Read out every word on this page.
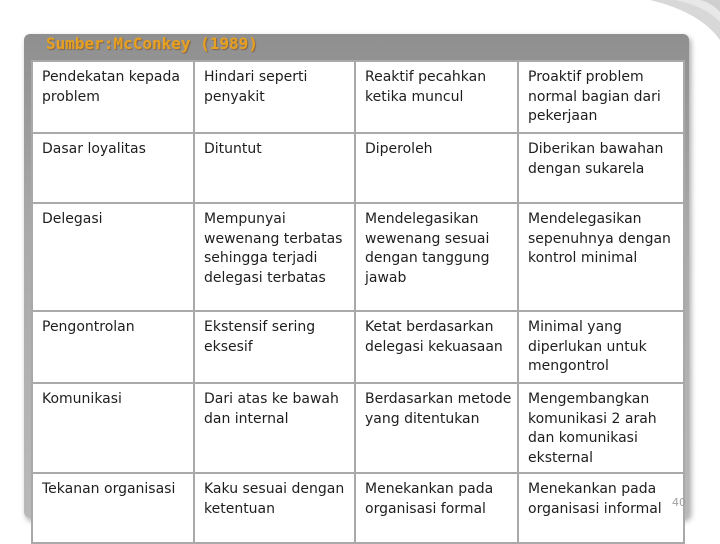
Sumber:McConkey (1989)
Pendekatan kepada problem	Hindari seperti penyakit	Reaktif pecahkan ketika muncul	Proaktif problem normal bagian dari pekerjaan
Dasar loyalitas	Dituntut	Diperoleh	Diberikan bawahan dengan sukarela
Delegasi	Mempunyai wewenang terbatas sehingga terjadi delegasi terbatas	Mendelegasikan wewenang sesuai dengan tanggung jawab	Mendelegasikan sepenuhnya dengan kontrol minimal
Pengontrolan	Ekstensif sering eksesif	Ketat berdasarkan delegasi kekuasaan	Minimal yang diperlukan untuk mengontrol
Komunikasi	Dari atas ke bawah dan internal	Berdasarkan metode yang ditentukan	Mengembangkan komunikasi 2 arah dan komunikasi eksternal
Tekanan organisasi	Kaku sesuai dengan ketentuan	Menekankan pada organisasi formal	Menekankan pada organisasi informal 40
